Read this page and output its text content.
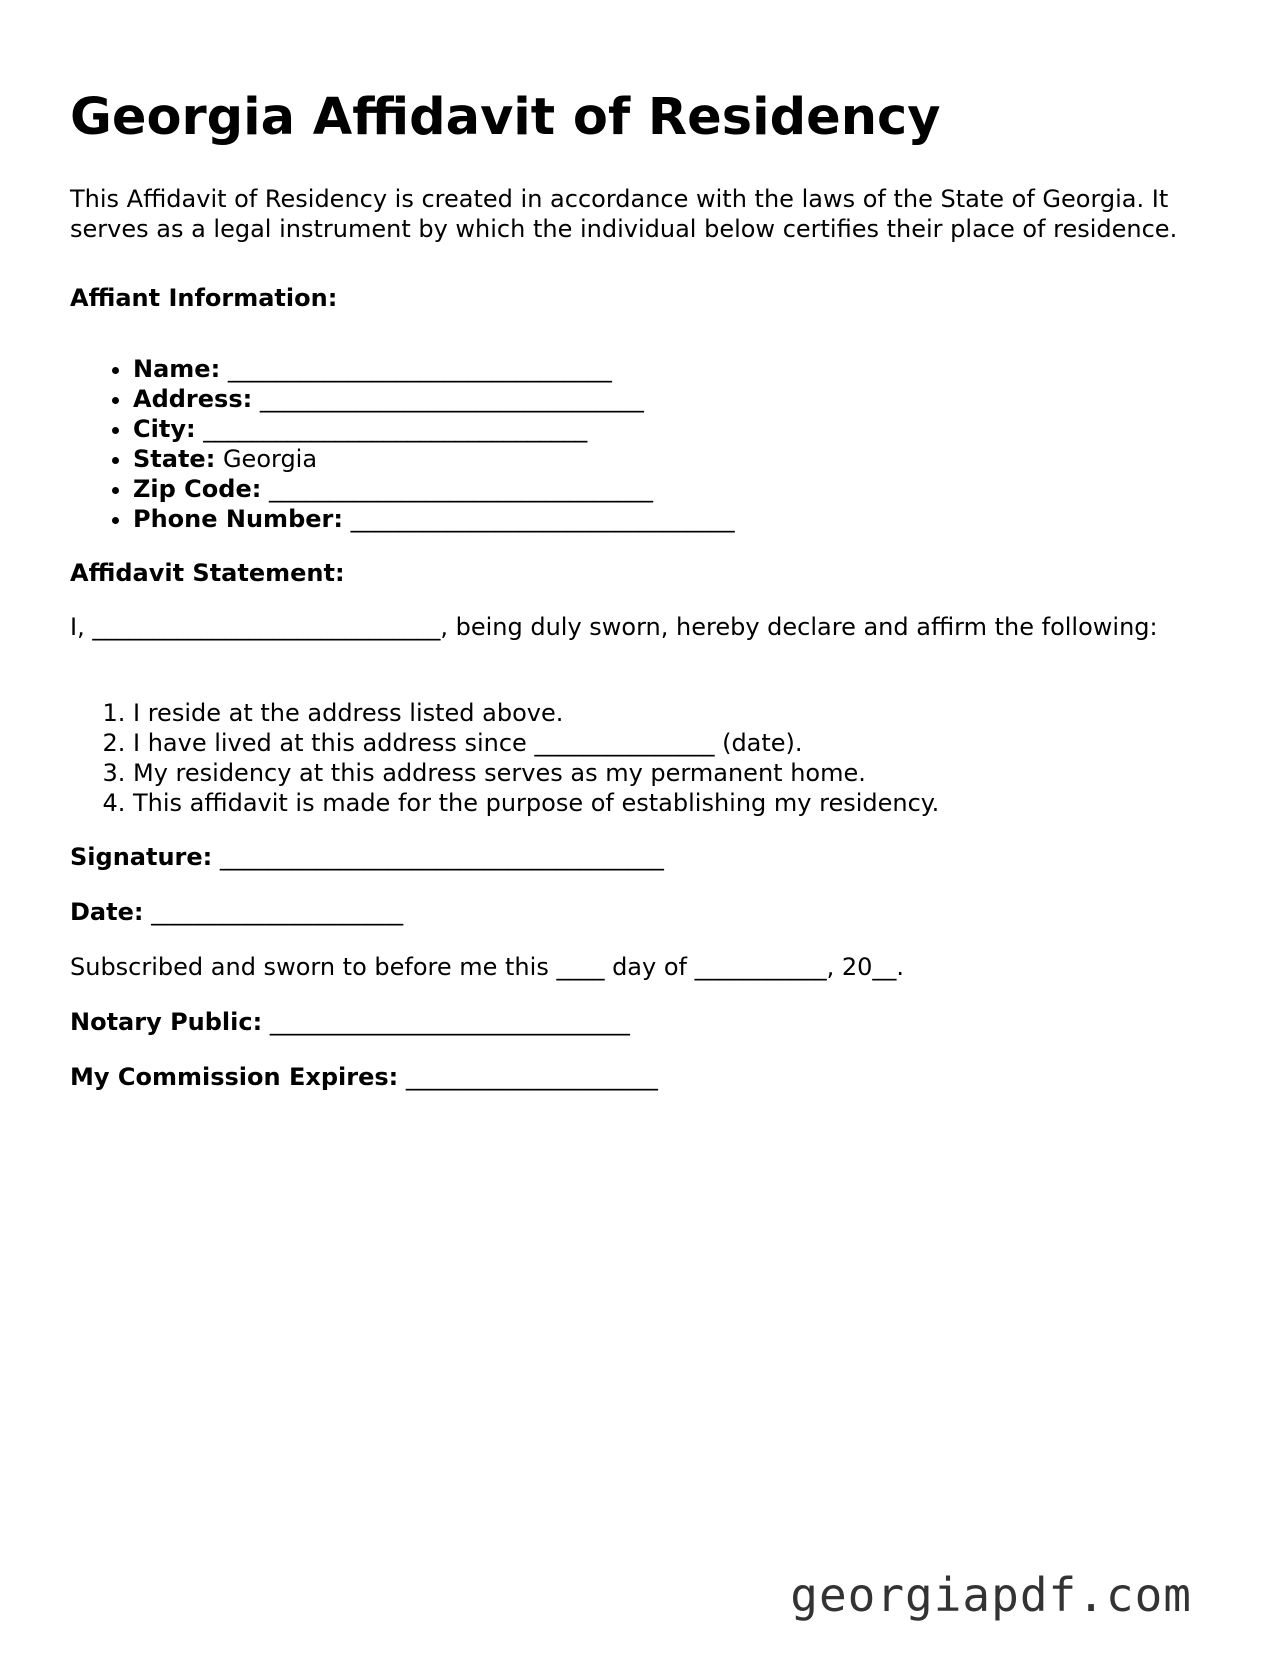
Georgia Affidavit of Residency

This Affidavit of Residency is created in accordance with the laws of the State of Georgia. It serves as a legal instrument by which the individual below certifies their place of residence.

Affiant Information:

• Name: ________________________________
• Address: ________________________________
• City: ________________________________
• State: Georgia
• Zip Code: ________________________________
• Phone Number: ________________________________

Affidavit Statement:

I, _____________________________, being duly sworn, hereby declare and affirm the following:

1. I reside at the address listed above.
2. I have lived at this address since _______________ (date).
3. My residency at this address serves as my permanent home.
4. This affidavit is made for the purpose of establishing my residency.

Signature: _____________________________________

Date: _____________________

Subscribed and sworn to before me this ____ day of ___________, 20__.

Notary Public: ______________________________

My Commission Expires: _____________________

georgiapdf.com
